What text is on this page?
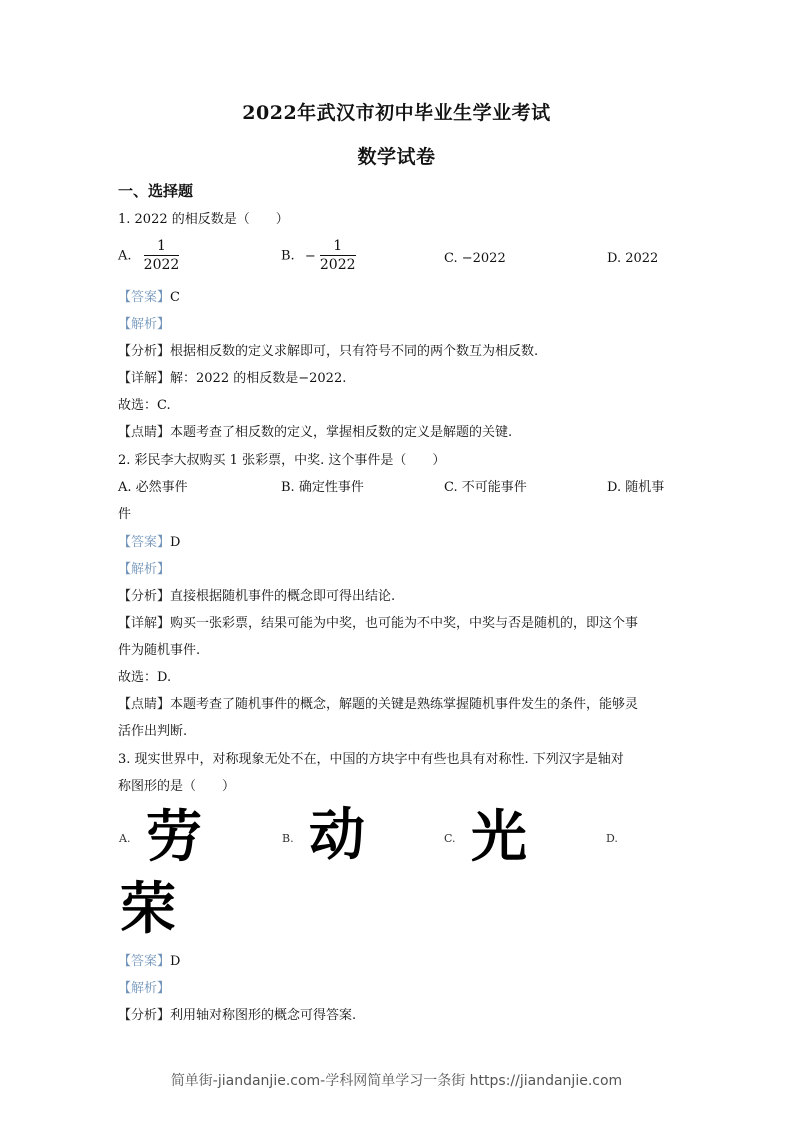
2022年武汉市初中毕业生学业考试
数学试卷
一、选择题
1. 2022 的相反数是（　　）
A. $\frac{1}{2022}$	B. − $\frac{1}{2022}$	C. −2022	D. 2022
【答案】C
【解析】
【分析】根据相反数的定义求解即可，只有符号不同的两个数互为相反数.
【详解】解：2022 的相反数是−2022.
故选：C.
【点睛】本题考查了相反数的定义，掌握相反数的定义是解题的关键.
2. 彩民李大叔购买 1 张彩票，中奖. 这个事件是（　　）
A. 必然事件	B. 确定性事件	C. 不可能事件	D. 随机事
件
【答案】D
【解析】
【分析】直接根据随机事件的概念即可得出结论.
【详解】购买一张彩票，结果可能为中奖，也可能为不中奖，中奖与否是随机的，即这个事
件为随机事件.
故选：D.
【点睛】本题考查了随机事件的概念，解题的关键是熟练掌握随机事件发生的条件，能够灵
活作出判断.
3. 现实世界中，对称现象无处不在，中国的方块字中有些也具有对称性. 下列汉字是轴对
称图形的是（　　）
A. 劳	B. 动	C. 光	D.
荣
【答案】D
【解析】
【分析】利用轴对称图形的概念可得答案.
简单街-jiandanjie.com-学科网简单学习一条街 https://jiandanjie.com
